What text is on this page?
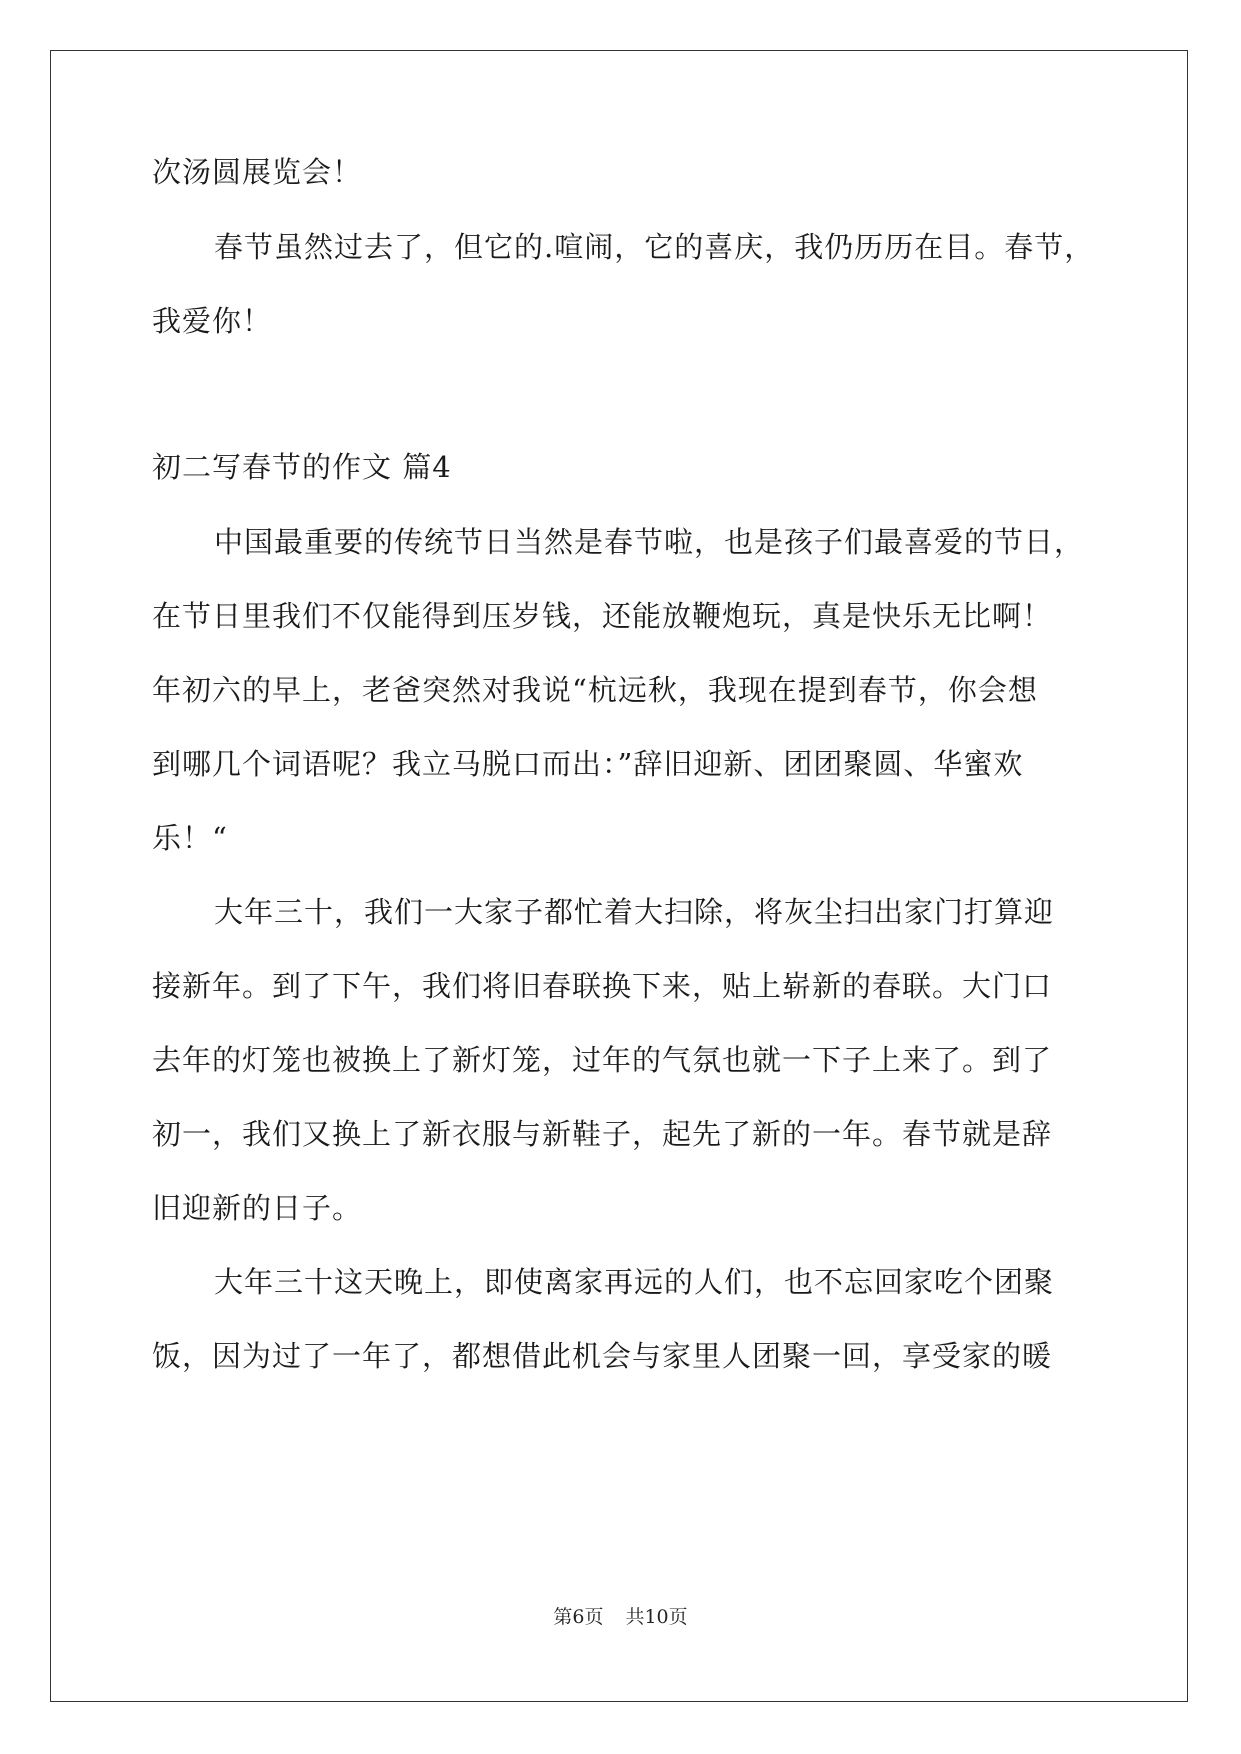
次汤圆展览会！
春节虽然过去了，但它的.喧闹，它的喜庆，我仍历历在目。春节，
我爱你！
初二写春节的作文 篇4
中国最重要的传统节日当然是春节啦，也是孩子们最喜爱的节日，
在节日里我们不仅能得到压岁钱，还能放鞭炮玩，真是快乐无比啊！
年初六的早上，老爸突然对我说“杭远秋，我现在提到春节，你会想
到哪几个词语呢？我立马脱口而出：”辞旧迎新、团团聚圆、华蜜欢
乐！“
大年三十，我们一大家子都忙着大扫除，将灰尘扫出家门打算迎
接新年。到了下午，我们将旧春联换下来，贴上崭新的春联。大门口
去年的灯笼也被换上了新灯笼，过年的气氛也就一下子上来了。到了
初一，我们又换上了新衣服与新鞋子，起先了新的一年。春节就是辞
旧迎新的日子。
大年三十这天晚上，即使离家再远的人们，也不忘回家吃个团聚
饭，因为过了一年了，都想借此机会与家里人团聚一回，享受家的暖
第6页 共10页
